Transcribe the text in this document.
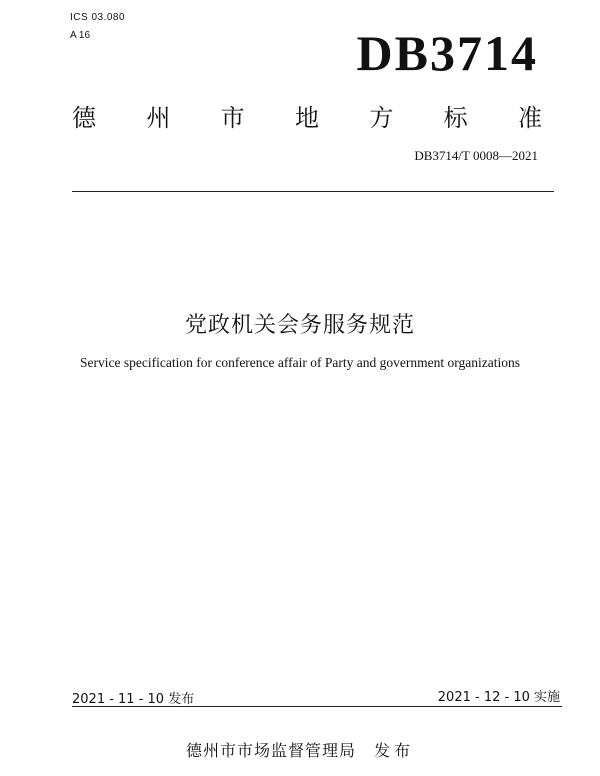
ICS 03.080
A 16	DB3714
德 州 市 地 方 标 准
DB3714/T 0008—2021
党政机关会务服务规范
Service specification for conference affair of Party and government organizations
2021 - 11 - 10 发布	2021 - 12 - 10 实施
德州市市场监督管理局 发布
